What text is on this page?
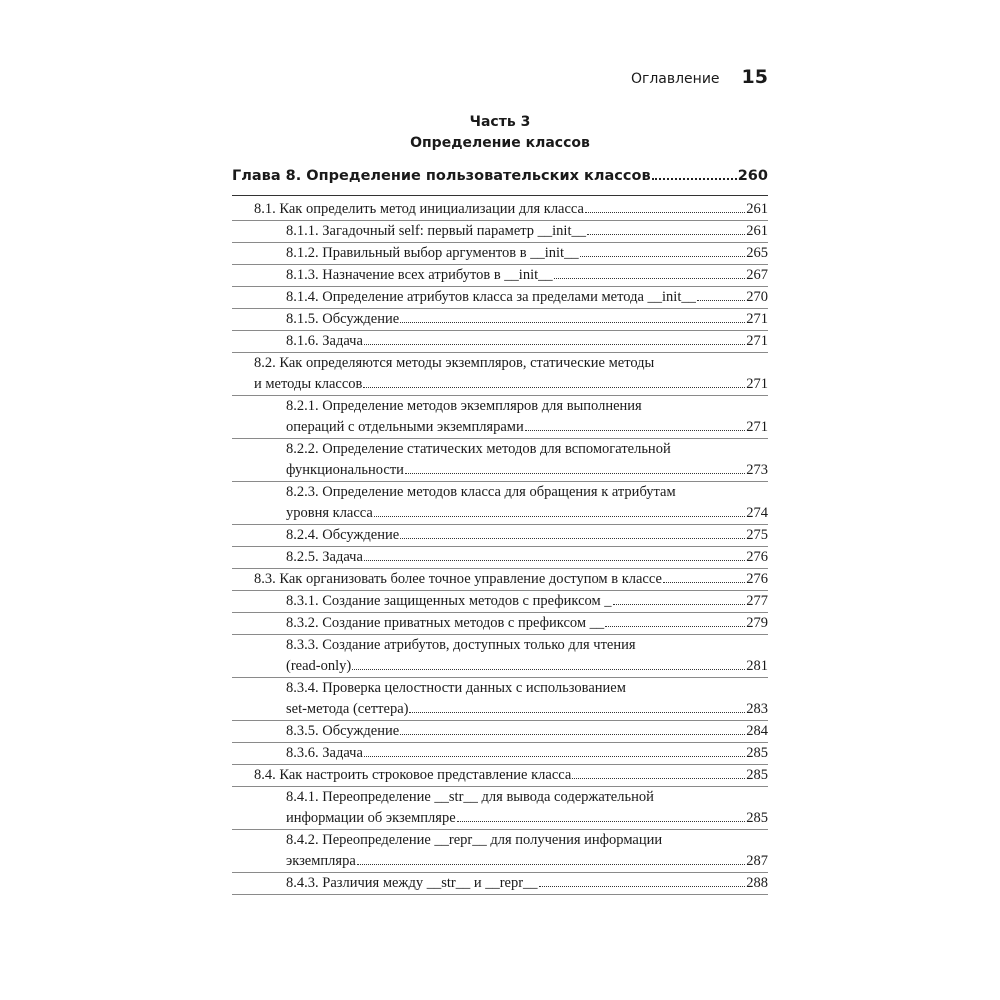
Оглавление 15
Часть 3
Определение классов
Глава 8. Определение пользовательских классов	260
8.1. Как определить метод инициализации для класса	261
8.1.1. Загадочный self: первый параметр __init__	261
8.1.2. Правильный выбор аргументов в __init__	265
8.1.3. Назначение всех атрибутов в __init__	267
8.1.4. Определение атрибутов класса за пределами метода __init__	270
8.1.5. Обсуждение	271
8.1.6. Задача	271
8.2. Как определяются методы экземпляров, статические методы
и методы классов	271
8.2.1. Определение методов экземпляров для выполнения
операций с отдельными экземплярами	271
8.2.2. Определение статических методов для вспомогательной
функциональности	273
8.2.3. Определение методов класса для обращения к атрибутам
уровня класса	274
8.2.4. Обсуждение	275
8.2.5. Задача	276
8.3. Как организовать более точное управление доступом в классе	276
8.3.1. Создание защищенных методов с префиксом _	277
8.3.2. Создание приватных методов с префиксом __	279
8.3.3. Создание атрибутов, доступных только для чтения
(read-only)	281
8.3.4. Проверка целостности данных с использованием
set-метода (сеттера)	283
8.3.5. Обсуждение	284
8.3.6. Задача	285
8.4. Как настроить строковое представление класса	285
8.4.1. Переопределение __str__ для вывода содержательной
информации об экземпляре	285
8.4.2. Переопределение __repr__ для получения информации
экземпляра	287
8.4.3. Различия между __str__ и __repr__	288
